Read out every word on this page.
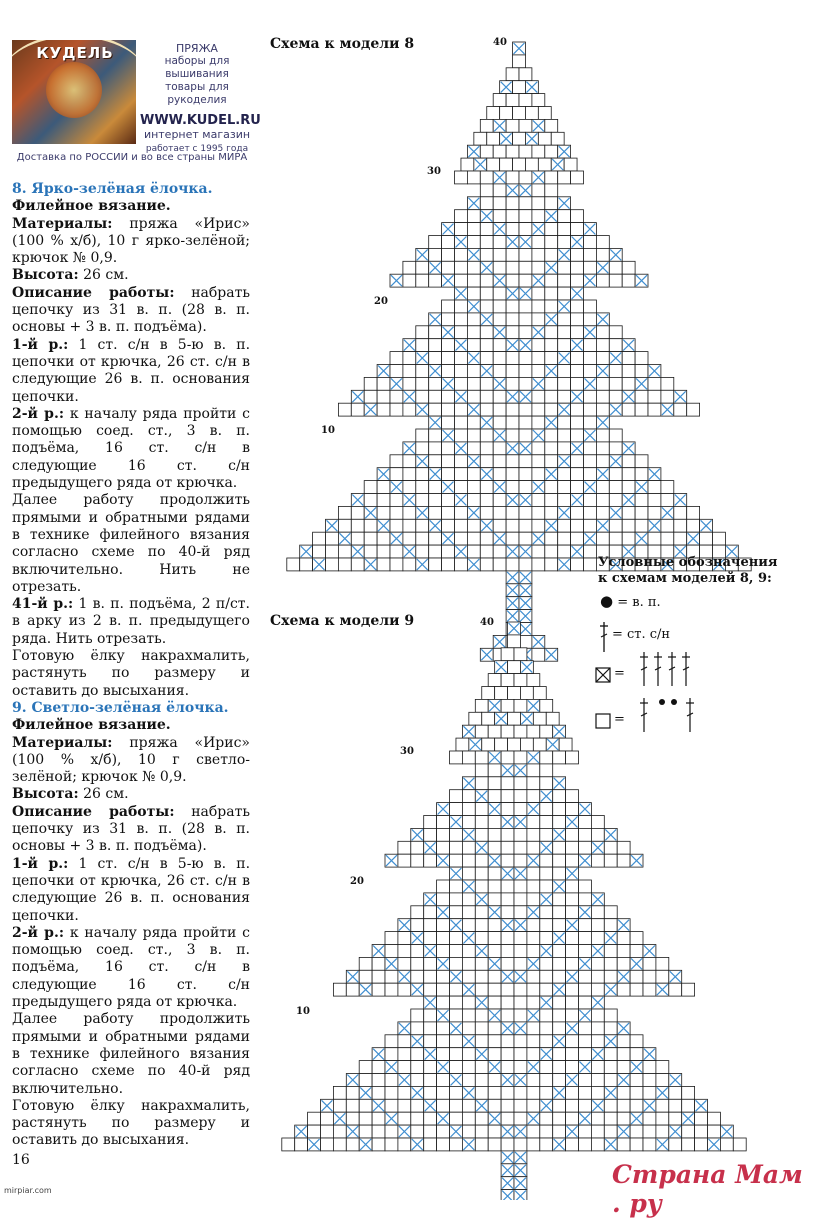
КУДЕЛЬ	ПРЯЖА
наборы для вышивания
товары для рукоделия
WWW.KUDEL.RU
интернет магазин
работает с 1995 года
Доставка по РОССИИ и во все страны МИРА

8. Ярко-зелёная ёлочка.

Филейное вязание.

Материалы: пряжа «Ирис» (100 % х/б), 10 г ярко-зелёной; крючок № 0,9.

Высота: 26 см.

Описание работы: набрать цепочку из 31 в. п. (28 в. п. основы + 3 в. п. подъёма).

1-й р.: 1 ст. с/н в 5-ю в. п. цепочки от крючка, 26 ст. с/н в следующие 26 в. п. основания цепочки.

2-й р.: к началу ряда пройти с помощью соед. ст., 3 в. п. подъёма, 16 ст. с/н в следующие 16 ст. с/н предыдущего ряда от крючка.

Далее работу продолжить прямыми и обратными рядами в технике филейного вязания согласно схеме по 40-й ряд включительно. Нить не отрезать.

41-й р.: 1 в. п. подъёма, 2 п/ст. в арку из 2 в. п. предыдущего ряда. Нить отрезать.

Готовую ёлку накрахмалить, растянуть по размеру и оставить до высыхания.

9. Светло-зелёная ёлочка.

Филейное вязание.

Материалы: пряжа «Ирис» (100 % х/б), 10 г светло-зелёной; крючок № 0,9.

Высота: 26 см.

Описание работы: набрать цепочку из 31 в. п. (28 в. п. основы + 3 в. п. подъёма).

1-й р.: 1 ст. с/н в 5-ю в. п. цепочки от крючка, 26 ст. с/н в следующие 26 в. п. основания цепочки.

2-й р.: к началу ряда пройти с помощью соед. ст., 3 в. п. подъёма, 16 ст. с/н в следующие 16 ст. с/н предыдущего ряда от крючка.

Далее работу продолжить прямыми и обратными рядами в технике филейного вязания согласно схеме по 40-й ряд включительно.

Готовую ёлку накрахмалить, растянуть по размеру и оставить до высыхания.

16
mirpiar.com
Страна Мам . ру
Схема к модели 8	40
30
20
10
Схема к модели 9	40
30
20
10
Условные обозначения
к схемам моделей 8, 9:
● = в. п.
= ст. с/н
=
=
